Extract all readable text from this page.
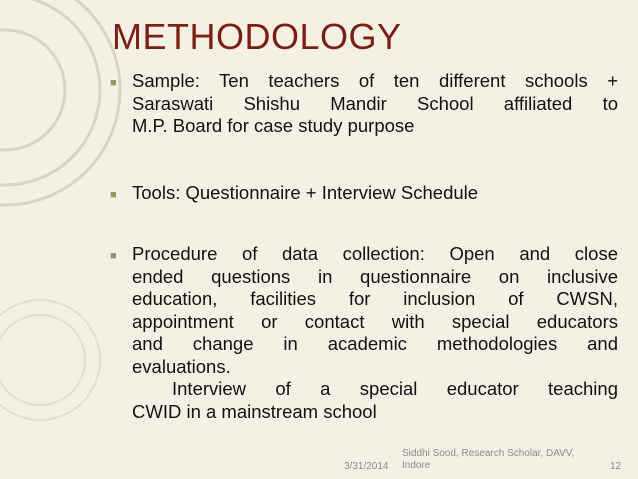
METHODOLOGY
■ Sample: Ten teachers of ten different schools +
Saraswati Shishu Mandir School affiliated to
M.P. Board for case study purpose
■ Tools: Questionnaire + Interview Schedule
■ Procedure of data collection: Open and close
ended questions in questionnaire on inclusive
education, facilities for inclusion of CWSN,
appointment or contact with special educators
and change in academic methodologies and
evaluations.
Interview of a special educator teaching
CWID in a mainstream school
3/31/2014
Siddhi Sood, Research Scholar, DAVV,
Indore	12
